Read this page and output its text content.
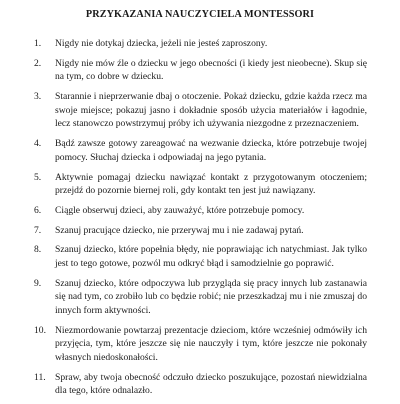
PRZYKAZANIA NAUCZYCIELA MONTESSORI
1.	Nigdy nie dotykaj dziecka, jeżeli nie jesteś zaproszony.
2.	Nigdy nie mów źle o dziecku w jego obecności (i kiedy jest nieobecne). Skup się
na tym, co dobre w dziecku.
3.	Starannie i nieprzerwanie dbaj o otoczenie. Pokaż dziecku, gdzie każda rzecz ma
swoje miejsce; pokazuj jasno i dokładnie sposób użycia materiałów i łagodnie,
lecz stanowczo powstrzymuj próby ich używania niezgodne z przeznaczeniem.
4.	Bądź zawsze gotowy zareagować na wezwanie dziecka, które potrzebuje twojej
pomocy. Słuchaj dziecka i odpowiadaj na jego pytania.
5.	Aktywnie pomagaj dziecku nawiązać kontakt z przygotowanym otoczeniem;
przejdź do pozornie biernej roli, gdy kontakt ten jest już nawiązany.
6.	Ciągle obserwuj dzieci, aby zauważyć, które potrzebuje pomocy.
7.	Szanuj pracujące dziecko, nie przerywaj mu i nie zadawaj pytań.
8.	Szanuj dziecko, które popełnia błędy, nie poprawiając ich natychmiast. Jak tylko
jest to tego gotowe, pozwól mu odkryć błąd i samodzielnie go poprawić.
9.	Szanuj dziecko, które odpoczywa lub przygląda się pracy innych lub zastanawia
się nad tym, co zrobiło lub co będzie robić; nie przeszkadzaj mu i nie zmuszaj do
innych form aktywności.
10. Niezmordowanie powtarzaj prezentacje dzieciom, które wcześniej odmówiły ich
przyjęcia, tym, które jeszcze się nie nauczyły i tym, które jeszcze nie pokonały
własnych niedoskonałości.
11. Spraw, aby twoja obecność odczuło dziecko poszukujące, pozostań niewidzialna
dla tego, które odnalazło.
